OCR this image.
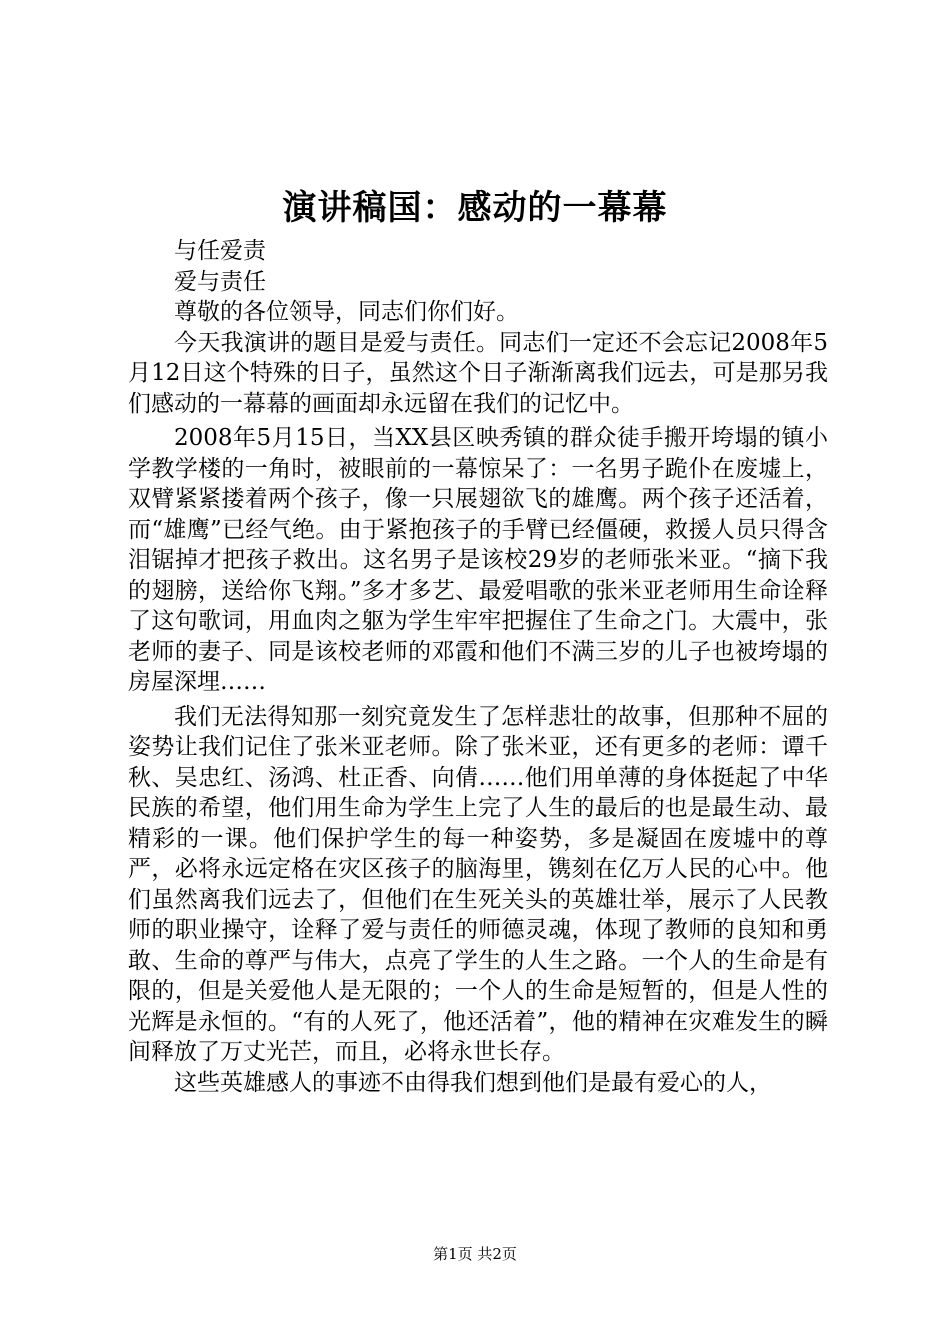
演讲稿国：感动的一幕幕

与任爱责

爱与责任

尊敬的各位领导，同志们你们好。

今天我演讲的题目是爱与责任。同志们一定还不会忘记2008年5月12日这个特殊的日子，虽然这个日子渐渐离我们远去，可是那另我们感动的一幕幕的画面却永远留在我们的记忆中。

2008年5月15日，当XX县区映秀镇的群众徒手搬开垮塌的镇小学教学楼的一角时，被眼前的一幕惊呆了：一名男子跪仆在废墟上，双臂紧紧搂着两个孩子，像一只展翅欲飞的雄鹰。两个孩子还活着，而“雄鹰”已经气绝。由于紧抱孩子的手臂已经僵硬，救援人员只得含泪锯掉才把孩子救出。这名男子是该校29岁的老师张米亚。“摘下我的翅膀，送给你飞翔。”多才多艺、最爱唱歌的张米亚老师用生命诠释了这句歌词，用血肉之躯为学生牢牢把握住了生命之门。大震中，张老师的妻子、同是该校老师的邓霞和他们不满三岁的儿子也被垮塌的房屋深埋……

我们无法得知那一刻究竟发生了怎样悲壮的故事，但那种不屈的姿势让我们记住了张米亚老师。除了张米亚，还有更多的老师：谭千秋、吴忠红、汤鸿、杜正香、向倩……他们用单薄的身体挺起了中华民族的希望，他们用生命为学生上完了人生的最后的也是最生动、最精彩的一课。他们保护学生的每一种姿势，多是凝固在废墟中的尊严，必将永远定格在灾区孩子的脑海里，镌刻在亿万人民的心中。他们虽然离我们远去了，但他们在生死关头的英雄壮举，展示了人民教师的职业操守，诠释了爱与责任的师德灵魂，体现了教师的良知和勇敢、生命的尊严与伟大，点亮了学生的人生之路。一个人的生命是有限的，但是关爱他人是无限的；一个人的生命是短暂的，但是人性的光辉是永恒的。“有的人死了，他还活着”，他的精神在灾难发生的瞬间释放了万丈光芒，而且，必将永世长存。

这些英雄感人的事迹不由得我们想到他们是最有爱心的人，

第1页 共2页
